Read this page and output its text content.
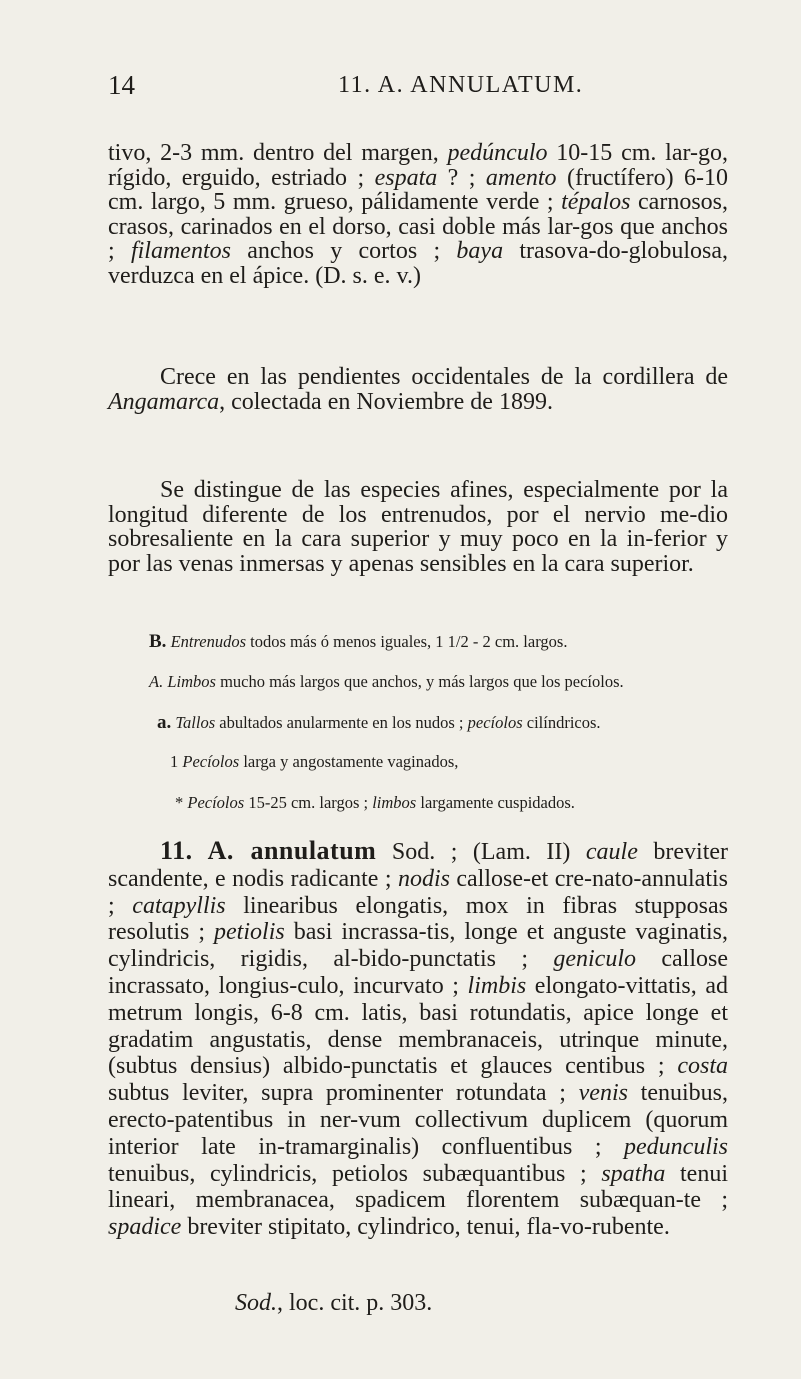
14	11. A. ANNULATUM.

tivo, 2-3 mm. dentro del margen, pedúnculo 10-15 cm. lar-go, rígido, erguido, estriado ; espata ? ; amento (fructífero) 6-10 cm. largo, 5 mm. grueso, pálidamente verde ; tépalos carnosos, crasos, carinados en el dorso, casi doble más lar-gos que anchos ; filamentos anchos y cortos ; baya trasova-do-globulosa, verduzca en el ápice. (D. s. e. v.)

Crece en las pendientes occidentales de la cordillera de Angamarca, colectada en Noviembre de 1899.

Se distingue de las especies afines, especialmente por la longitud diferente de los entrenudos, por el nervio me-dio sobresaliente en la cara superior y muy poco en la in-ferior y por las venas inmersas y apenas sensibles en la cara superior.

B. Entrenudos todos más ó menos iguales, 1 1/2 - 2 cm. largos.
A. Limbos mucho más largos que anchos, y más largos que los pecíolos.
a. Tallos abultados anularmente en los nudos ; pecíolos cilíndricos.
1 Pecíolos larga y angostamente vaginados,
* Pecíolos 15-25 cm. largos ; limbos largamente cuspidados.

11. A. annulatum Sod. ; (Lam. II) caule breviter scandente, e nodis radicante ; nodis callose-et cre-nato-annulatis ; catapyllis linearibus elongatis, mox in fibras stupposas resolutis ; petiolis basi incrassa-tis, longe et anguste vaginatis, cylindricis, rigidis, al-bido-punctatis ; geniculo callose incrassato, longius-culo, incurvato ; limbis elongato-vittatis, ad metrum longis, 6-8 cm. latis, basi rotundatis, apice longe et gradatim angustatis, dense membranaceis, utrinque minute, (subtus densius) albido-punctatis et glauces centibus ; costa subtus leviter, supra prominenter rotundata ; venis tenuibus, erecto-patentibus in ner-vum collectivum duplicem (quorum interior late in-tramarginalis) confluentibus ; pedunculis tenuibus, cylindricis, petiolos subæquantibus ; spatha tenui lineari, membranacea, spadicem florentem subæquan-te ; spadice breviter stipitato, cylindrico, tenui, fla-vo-rubente.

Sod., loc. cit. p. 303.
